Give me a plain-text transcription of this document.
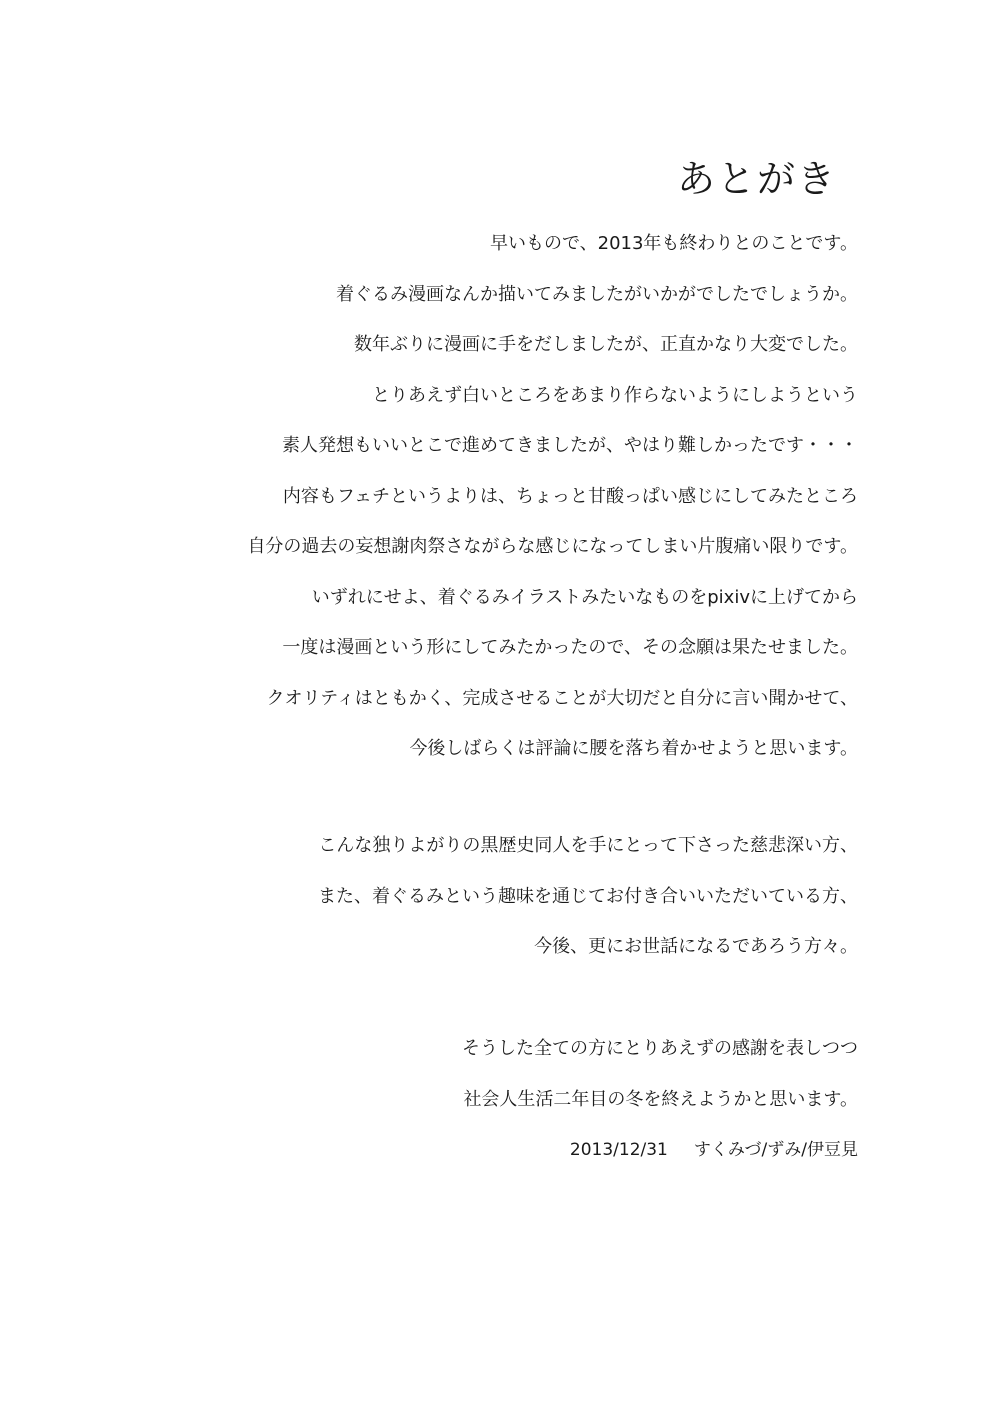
あとがき
早いもので、2013年も終わりとのことです。
着ぐるみ漫画なんか描いてみましたがいかがでしたでしょうか。
数年ぶりに漫画に手をだしましたが、正直かなり大変でした。
とりあえず白いところをあまり作らないようにしようという
素人発想もいいとこで進めてきましたが、やはり難しかったです・・・
内容もフェチというよりは、ちょっと甘酸っぱい感じにしてみたところ
自分の過去の妄想謝肉祭さながらな感じになってしまい片腹痛い限りです。
いずれにせよ、着ぐるみイラストみたいなものをpixivに上げてから
一度は漫画という形にしてみたかったので、その念願は果たせました。
クオリティはともかく、完成させることが大切だと自分に言い聞かせて、
今後しばらくは評論に腰を落ち着かせようと思います。
こんな独りよがりの黒歴史同人を手にとって下さった慈悲深い方、
また、着ぐるみという趣味を通じてお付き合いいただいている方、
今後、更にお世話になるであろう方々。
そうした全ての方にとりあえずの感謝を表しつつ
社会人生活二年目の冬を終えようかと思います。
2013/12/31 すくみづ/ずみ/伊豆見
